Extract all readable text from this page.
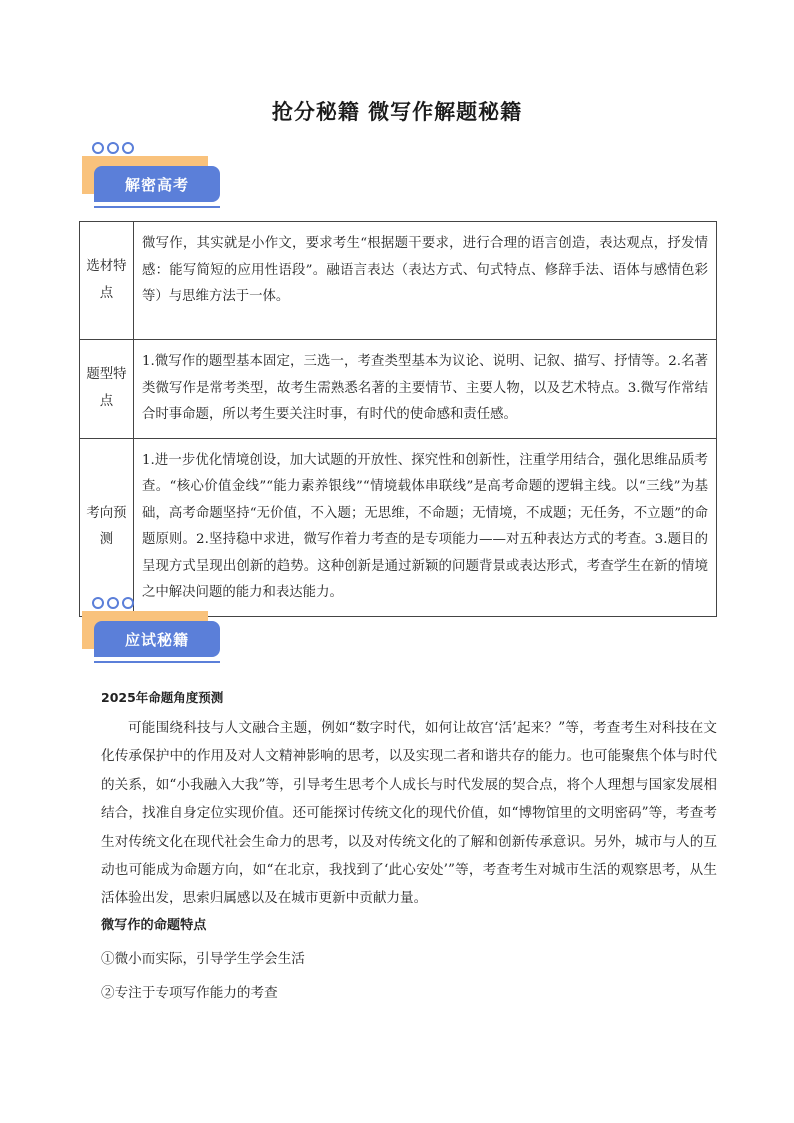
抢分秘籍 微写作解题秘籍
解密高考
选材特点	微写作，其实就是小作文，要求考生“根据题干要求，进行合理的语言创造，表达观点，抒发情感：能写简短的应用性语段”。融语言表达（表达方式、句式特点、修辞手法、语体与感情色彩等）与思维方法于一体。
题型特点	1.微写作的题型基本固定，三选一，考查类型基本为议论、说明、记叙、描写、抒情等。2.名著类微写作是常考类型，故考生需熟悉名著的主要情节、主要人物，以及艺术特点。3.微写作常结合时事命题，所以考生要关注时事，有时代的使命感和责任感。
考向预测	1.进一步优化情境创设，加大试题的开放性、探究性和创新性，注重学用结合，强化思维品质考查。“核心价值金线”“能力素养银线”“情境载体串联线”是高考命题的逻辑主线。以“三线”为基础，高考命题坚持“无价值，不入题；无思维，不命题；无情境，不成题；无任务，不立题”的命题原则。2.坚持稳中求进，微写作着力考查的是专项能力——对五种表达方式的考查。3.题目的呈现方式呈现出创新的趋势。这种创新是通过新颖的问题背景或表达形式，考查学生在新的情境之中解决问题的能力和表达能力。
应试秘籍
2025年命题角度预测
可能围绕科技与人文融合主题，例如“数字时代，如何让故宫‘活’起来？”等，考查考生对科技在文化传承保护中的作用及对人文精神影响的思考，以及实现二者和谐共存的能力。也可能聚焦个体与时代的关系，如“小我融入大我”等，引导考生思考个人成长与时代发展的契合点，将个人理想与国家发展相结合，找准自身定位实现价值。还可能探讨传统文化的现代价值，如“博物馆里的文明密码”等，考查考生对传统文化在现代社会生命力的思考，以及对传统文化的了解和创新传承意识。另外，城市与人的互动也可能成为命题方向，如“在北京，我找到了‘此心安处’”等，考查考生对城市生活的观察思考，从生活体验出发，思索归属感以及在城市更新中贡献力量。
微写作的命题特点
①微小而实际，引导学生学会生活
②专注于专项写作能力的考查
